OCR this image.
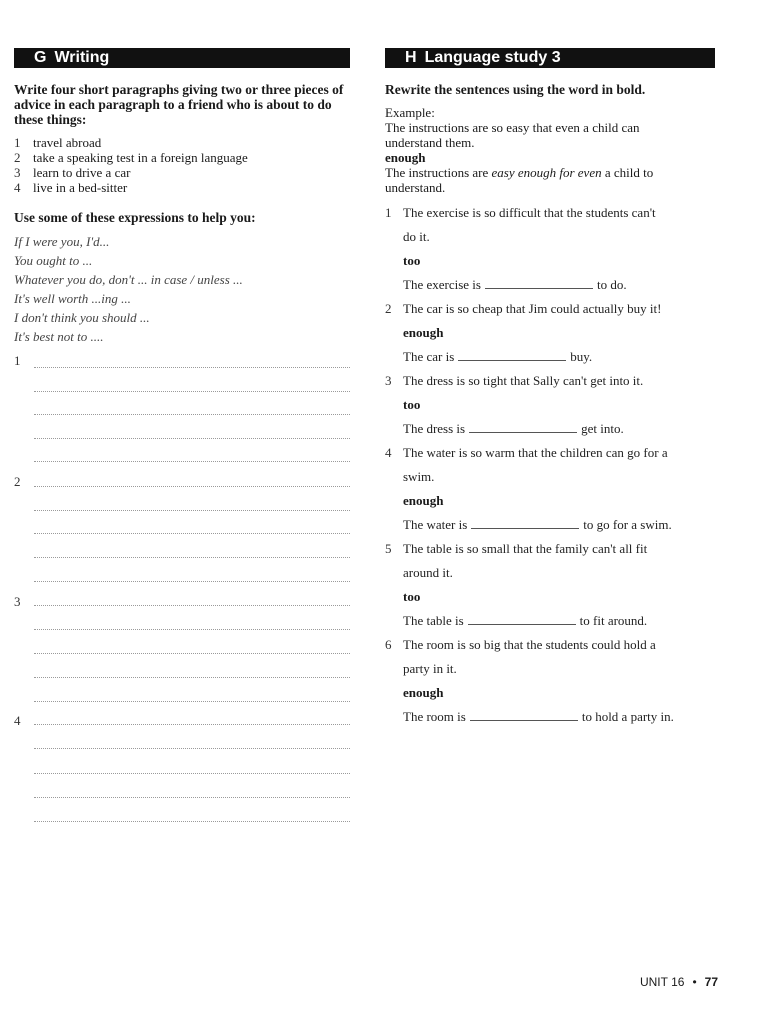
G Writing
Write four short paragraphs giving two or three pieces of advice in each paragraph to a friend who is about to do these things:
1 travel abroad
2 take a speaking test in a foreign language
3 learn to drive a car
4 live in a bed-sitter
Use some of these expressions to help you:
If I were you, I'd...
You ought to ...
Whatever you do, don't ... in case / unless ...
It's well worth ...ing ...
I don't think you should ...
It's best not to ....
1
2
3
4
H Language study 3
Rewrite the sentences using the word in bold.
Example:
The instructions are so easy that even a child can
understand them.
enough
The instructions are easy enough for even a child to
understand.
1 The exercise is so difficult that the students can't
do it.
too
The exercise is	to do.
2 The car is so cheap that Jim could actually buy it!
enough
The car is	buy.
3 The dress is so tight that Sally can't get into it.
too
The dress is	get into.
4 The water is so warm that the children can go for a
swim.
enough
The water is	to go for a swim.
5 The table is so small that the family can't all fit
around it.
too
The table is	to fit around.
6 The room is so big that the students could hold a
party in it.
enough
The room is	to hold a party in.
UNIT 16 • 77
